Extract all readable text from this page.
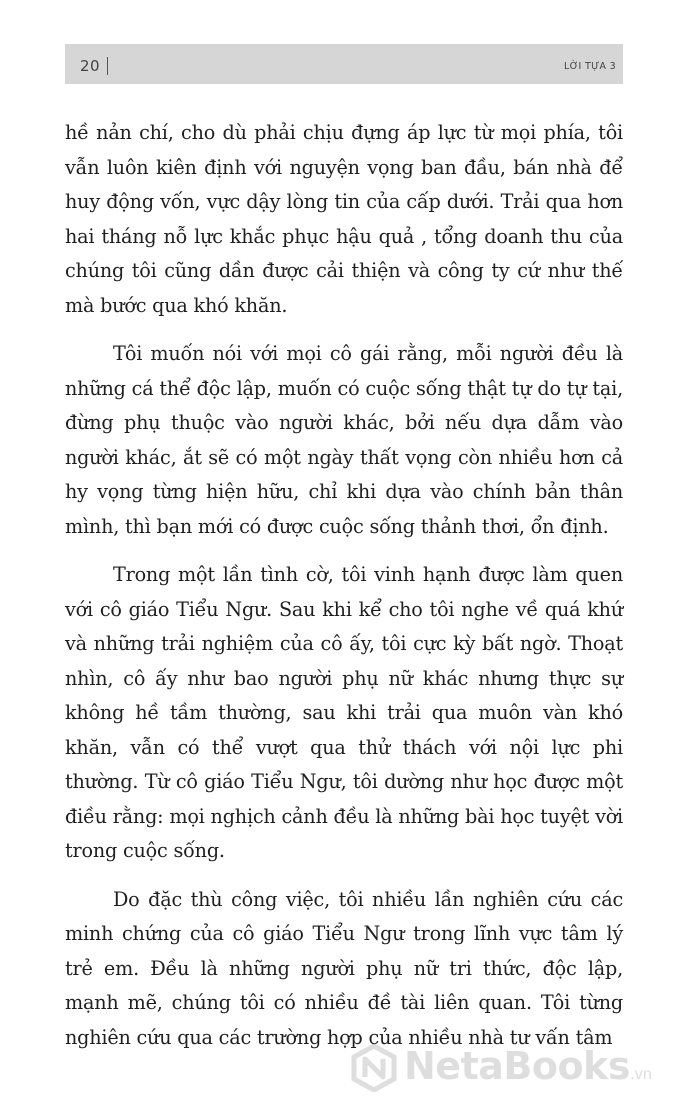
20	LỜI TỰA 3

hề nản chí, cho dù phải chịu đựng áp lực từ mọi phía, tôi vẫn luôn kiên định với nguyện vọng ban đầu, bán nhà để huy động vốn, vực dậy lòng tin của cấp dưới. Trải qua hơn hai tháng nỗ lực khắc phục hậu quả , tổng doanh thu của chúng tôi cũng dần được cải thiện và công ty cứ như thế mà bước qua khó khăn.

Tôi muốn nói với mọi cô gái rằng, mỗi người đều là những cá thể độc lập, muốn có cuộc sống thật tự do tự tại, đừng phụ thuộc vào người khác, bởi nếu dựa dẫm vào người khác, ắt sẽ có một ngày thất vọng còn nhiều hơn cả hy vọng từng hiện hữu, chỉ khi dựa vào chính bản thân mình, thì bạn mới có được cuộc sống thảnh thơi, ổn định.

Trong một lần tình cờ, tôi vinh hạnh được làm quen với cô giáo Tiểu Ngư. Sau khi kể cho tôi nghe về quá khứ và những trải nghiệm của cô ấy, tôi cực kỳ bất ngờ. Thoạt nhìn, cô ấy như bao người phụ nữ khác nhưng thực sự không hề tầm thường, sau khi trải qua muôn vàn khó khăn, vẫn có thể vượt qua thử thách với nội lực phi thường. Từ cô giáo Tiểu Ngư, tôi dường như học được một điều rằng: mọi nghịch cảnh đều là những bài học tuyệt vời trong cuộc sống.

Do đặc thù công việc, tôi nhiều lần nghiên cứu các minh chứng của cô giáo Tiểu Ngư trong lĩnh vực tâm lý trẻ em. Đều là những người phụ nữ tri thức, độc lập, mạnh mẽ, chúng tôi có nhiều đề tài liên quan. Tôi từng nghiên cứu qua các trường hợp của nhiều nhà tư vấn tâm

NetaBooks.vn
